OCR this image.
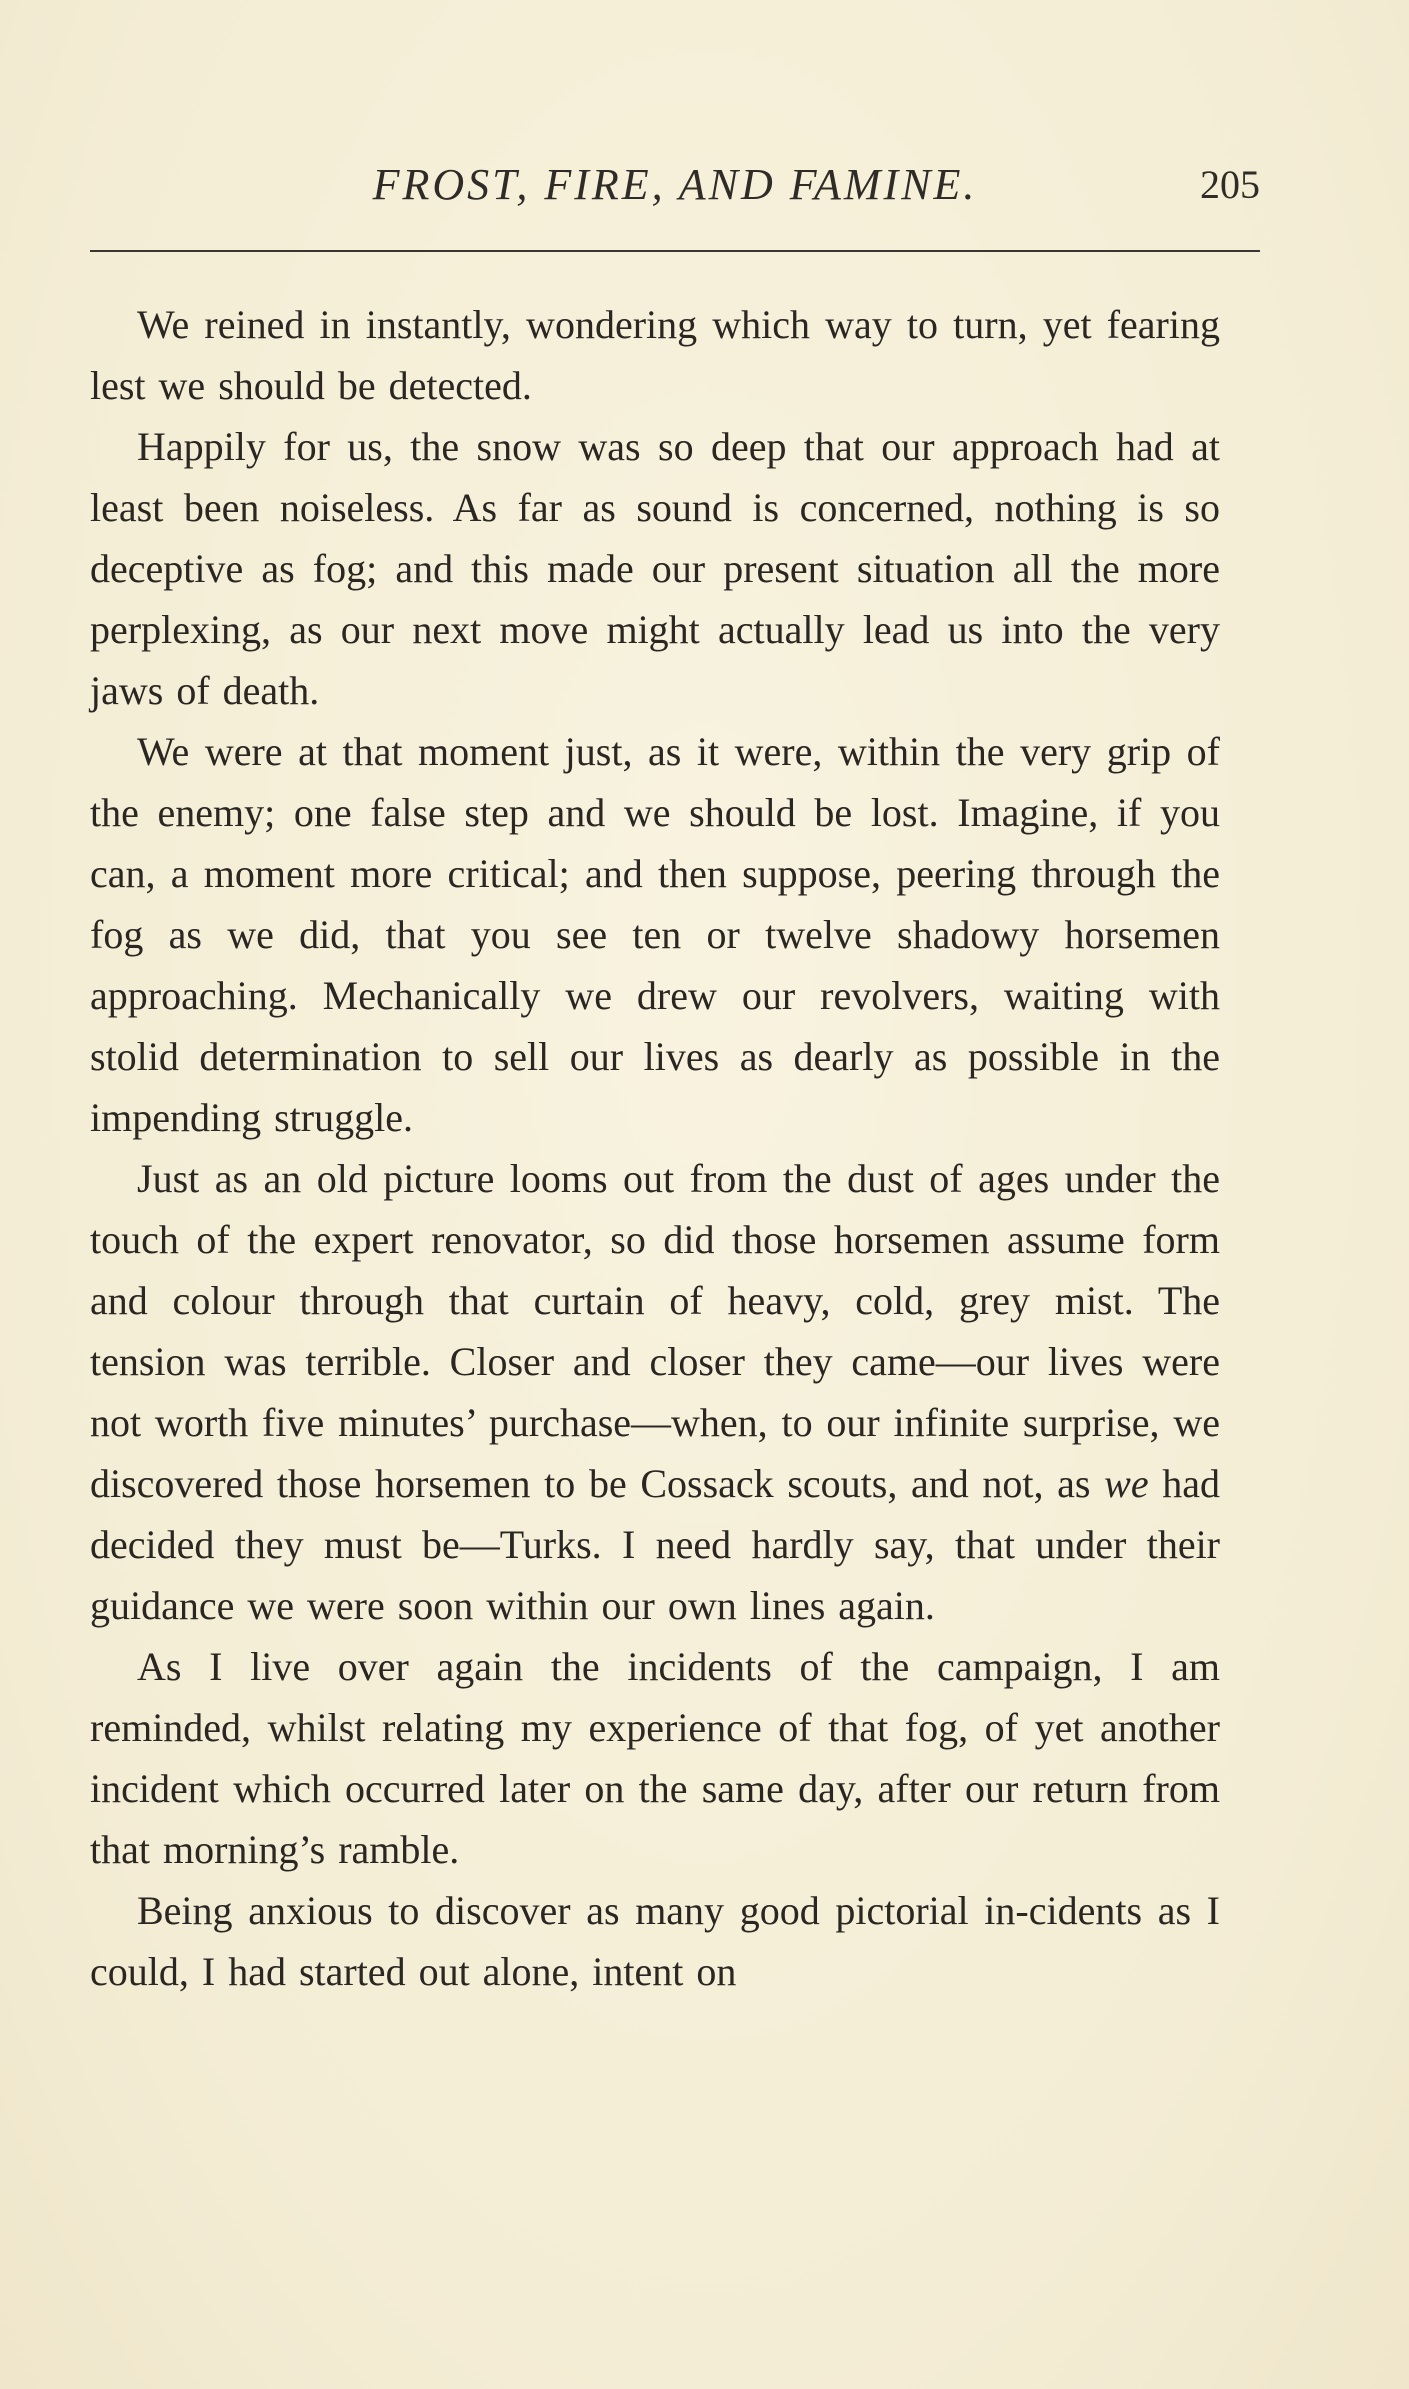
FROST, FIRE, AND FAMINE.	205

We reined in instantly, wondering which way to turn, yet fearing lest we should be detected.

Happily for us, the snow was so deep that our approach had at least been noiseless. As far as sound is concerned, nothing is so deceptive as fog; and this made our present situation all the more perplexing, as our next move might actually lead us into the very jaws of death.

We were at that moment just, as it were, within the very grip of the enemy; one false step and we should be lost. Imagine, if you can, a moment more critical; and then suppose, peering through the fog as we did, that you see ten or twelve shadowy horsemen approaching. Mechanically we drew our revolvers, waiting with stolid determination to sell our lives as dearly as possible in the impending struggle.

Just as an old picture looms out from the dust of ages under the touch of the expert renovator, so did those horsemen assume form and colour through that curtain of heavy, cold, grey mist. The tension was terrible. Closer and closer they came—our lives were not worth five minutes’ purchase—when, to our infinite surprise, we discovered those horsemen to be Cossack scouts, and not, as we had decided they must be—Turks. I need hardly say, that under their guidance we were soon within our own lines again.

As I live over again the incidents of the campaign, I am reminded, whilst relating my experience of that fog, of yet another incident which occurred later on the same day, after our return from that morning’s ramble.

Being anxious to discover as many good pictorial in-cidents as I could, I had started out alone, intent on
